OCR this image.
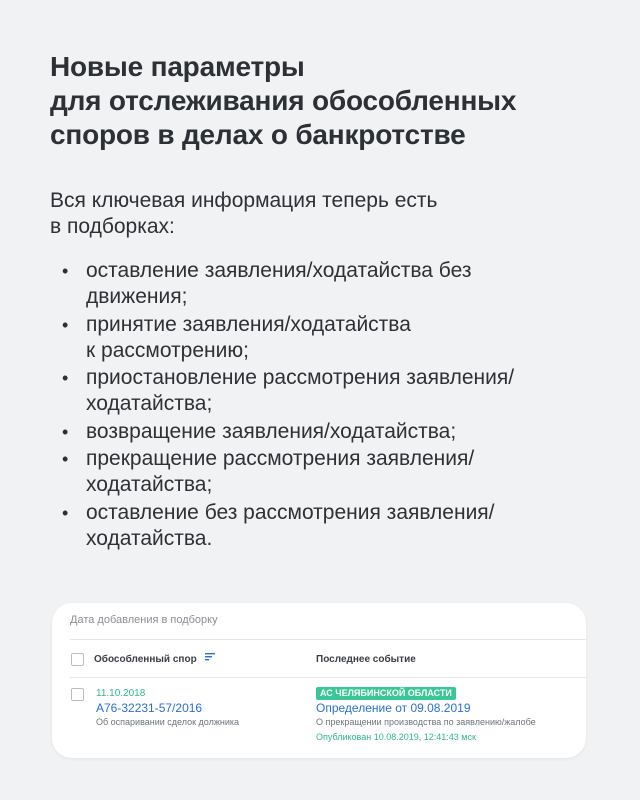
Новые параметры
для отслеживания обособленных
споров в делах о банкротстве
Вся ключевая информация теперь есть
в подборках:
• оставление заявления/ходатайства без
движения;
• принятие заявления/ходатайства
к рассмотрению;
• приостановление рассмотрения заявления/
ходатайства;
• возвращение заявления/ходатайства;
• прекращение рассмотрения заявления/
ходатайства;
• оставление без рассмотрения заявления/
ходатайства.
Дата добавления в подборку
Обособленный спор	Последнее событие
11.10.2018
А76-32231-57/2016
Об оспаривании сделок должника
АС ЧЕЛЯБИНСКОЙ ОБЛАСТИ
Определение от 09.08.2019
О прекращении производства по заявлению/жалобе
Опубликован 10.08.2019, 12:41:43 мск
